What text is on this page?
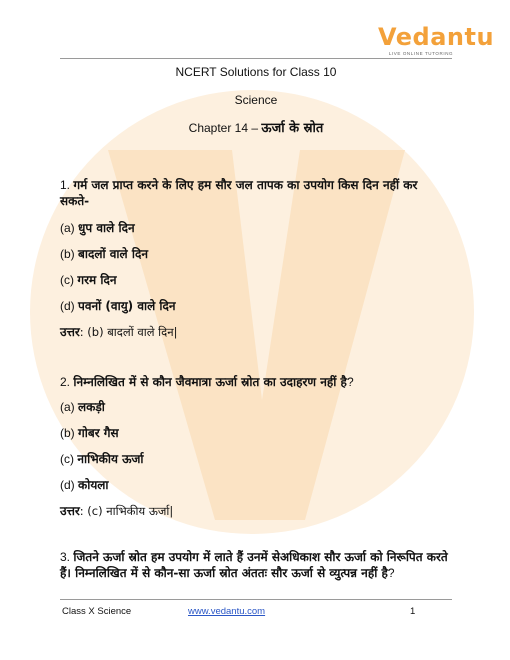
Vedantu
LIVE ONLINE TUTORING
NCERT Solutions for Class 10
Science
Chapter 14 – ऊर्जा के स्रोत
1. गर्म जल प्राप्त करने के लिए हम सौर जल तापक का उपयोग किस दिन नहीं कर सकते-
(a) धुप वाले दिन
(b) बादलों वाले दिन
(c) गरम दिन
(d) पवनों (वायु) वाले दिन
उत्तर: (b) बादलों वाले दिन|
2. निम्नलिखित में से कौन जैवमात्रा ऊर्जा स्रोत का उदाहरण नहीं है?
(a) लकड़ी
(b) गोबर गैस
(c) नाभिकीय ऊर्जा
(d) कोयला
उत्तर: (c) नाभिकीय ऊर्जा|
3. जितने ऊर्जा स्रोत हम उपयोग में लाते हैं उनमें सेअधिकाश सौर ऊर्जा को निरूपित करते हैं। निम्नलिखित में से कौन-सा ऊर्जा स्रोत अंततः सौर ऊर्जा से व्युत्पन्न नहीं है?
Class X Science	www.vedantu.com	1
